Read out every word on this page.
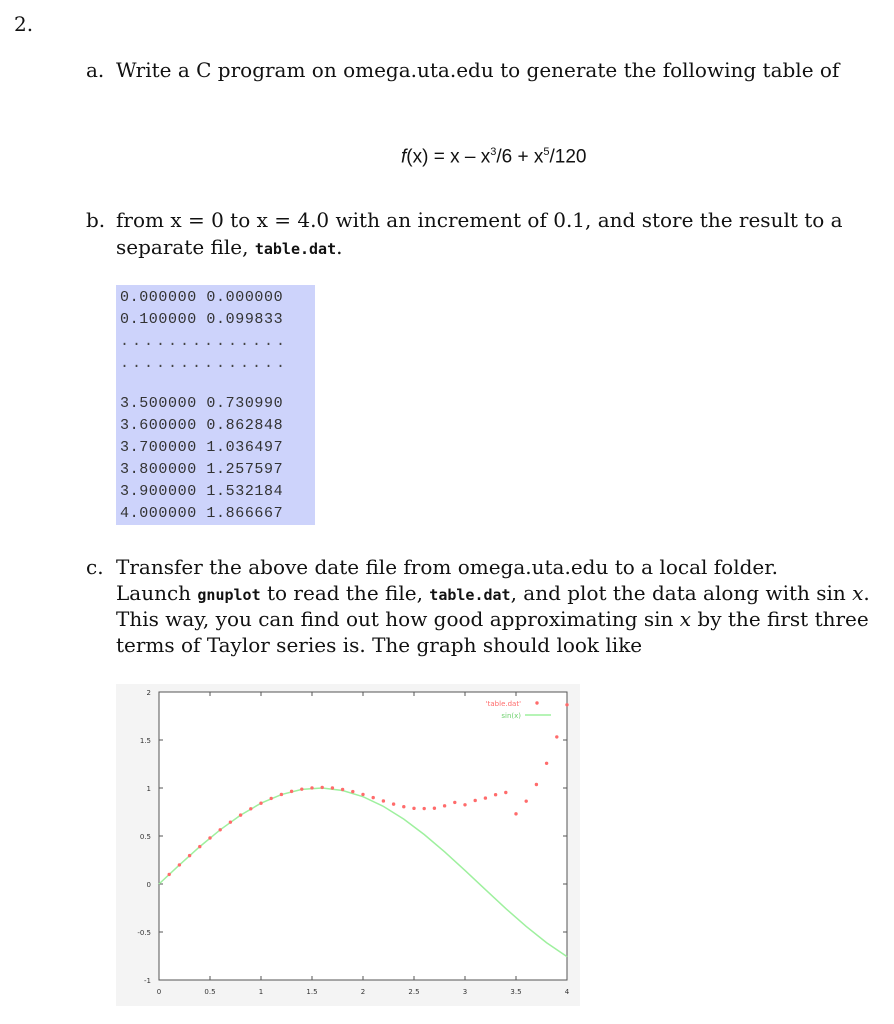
2.
a. Write a C program on omega.uta.edu to generate the following table of
$f(x) = x - x^3/6 + x^5/120$
b. from x = 0 to x = 4.0 with an increment of 0.1, and store the result to a
separate file, table.dat.
0.000000 0.000000
0.100000 0.099833
..............
..............
3.500000 0.730990
3.600000 0.862848
3.700000 1.036497
3.800000 1.257597
3.900000 1.532184
4.000000 1.866667
c. Transfer the above date file from omega.uta.edu to a local folder.
Launch gnuplot to read the file, table.dat, and plot the data along with sin x.
This way, you can find out how good approximating sin x by the first three
terms of Taylor series is. The graph should look like
0	0.5	1	1.5	2	2.5	3	3.5	4
-1
-0.5
0
0.5
1
1.5
2
'table.dat'
sin(x)
